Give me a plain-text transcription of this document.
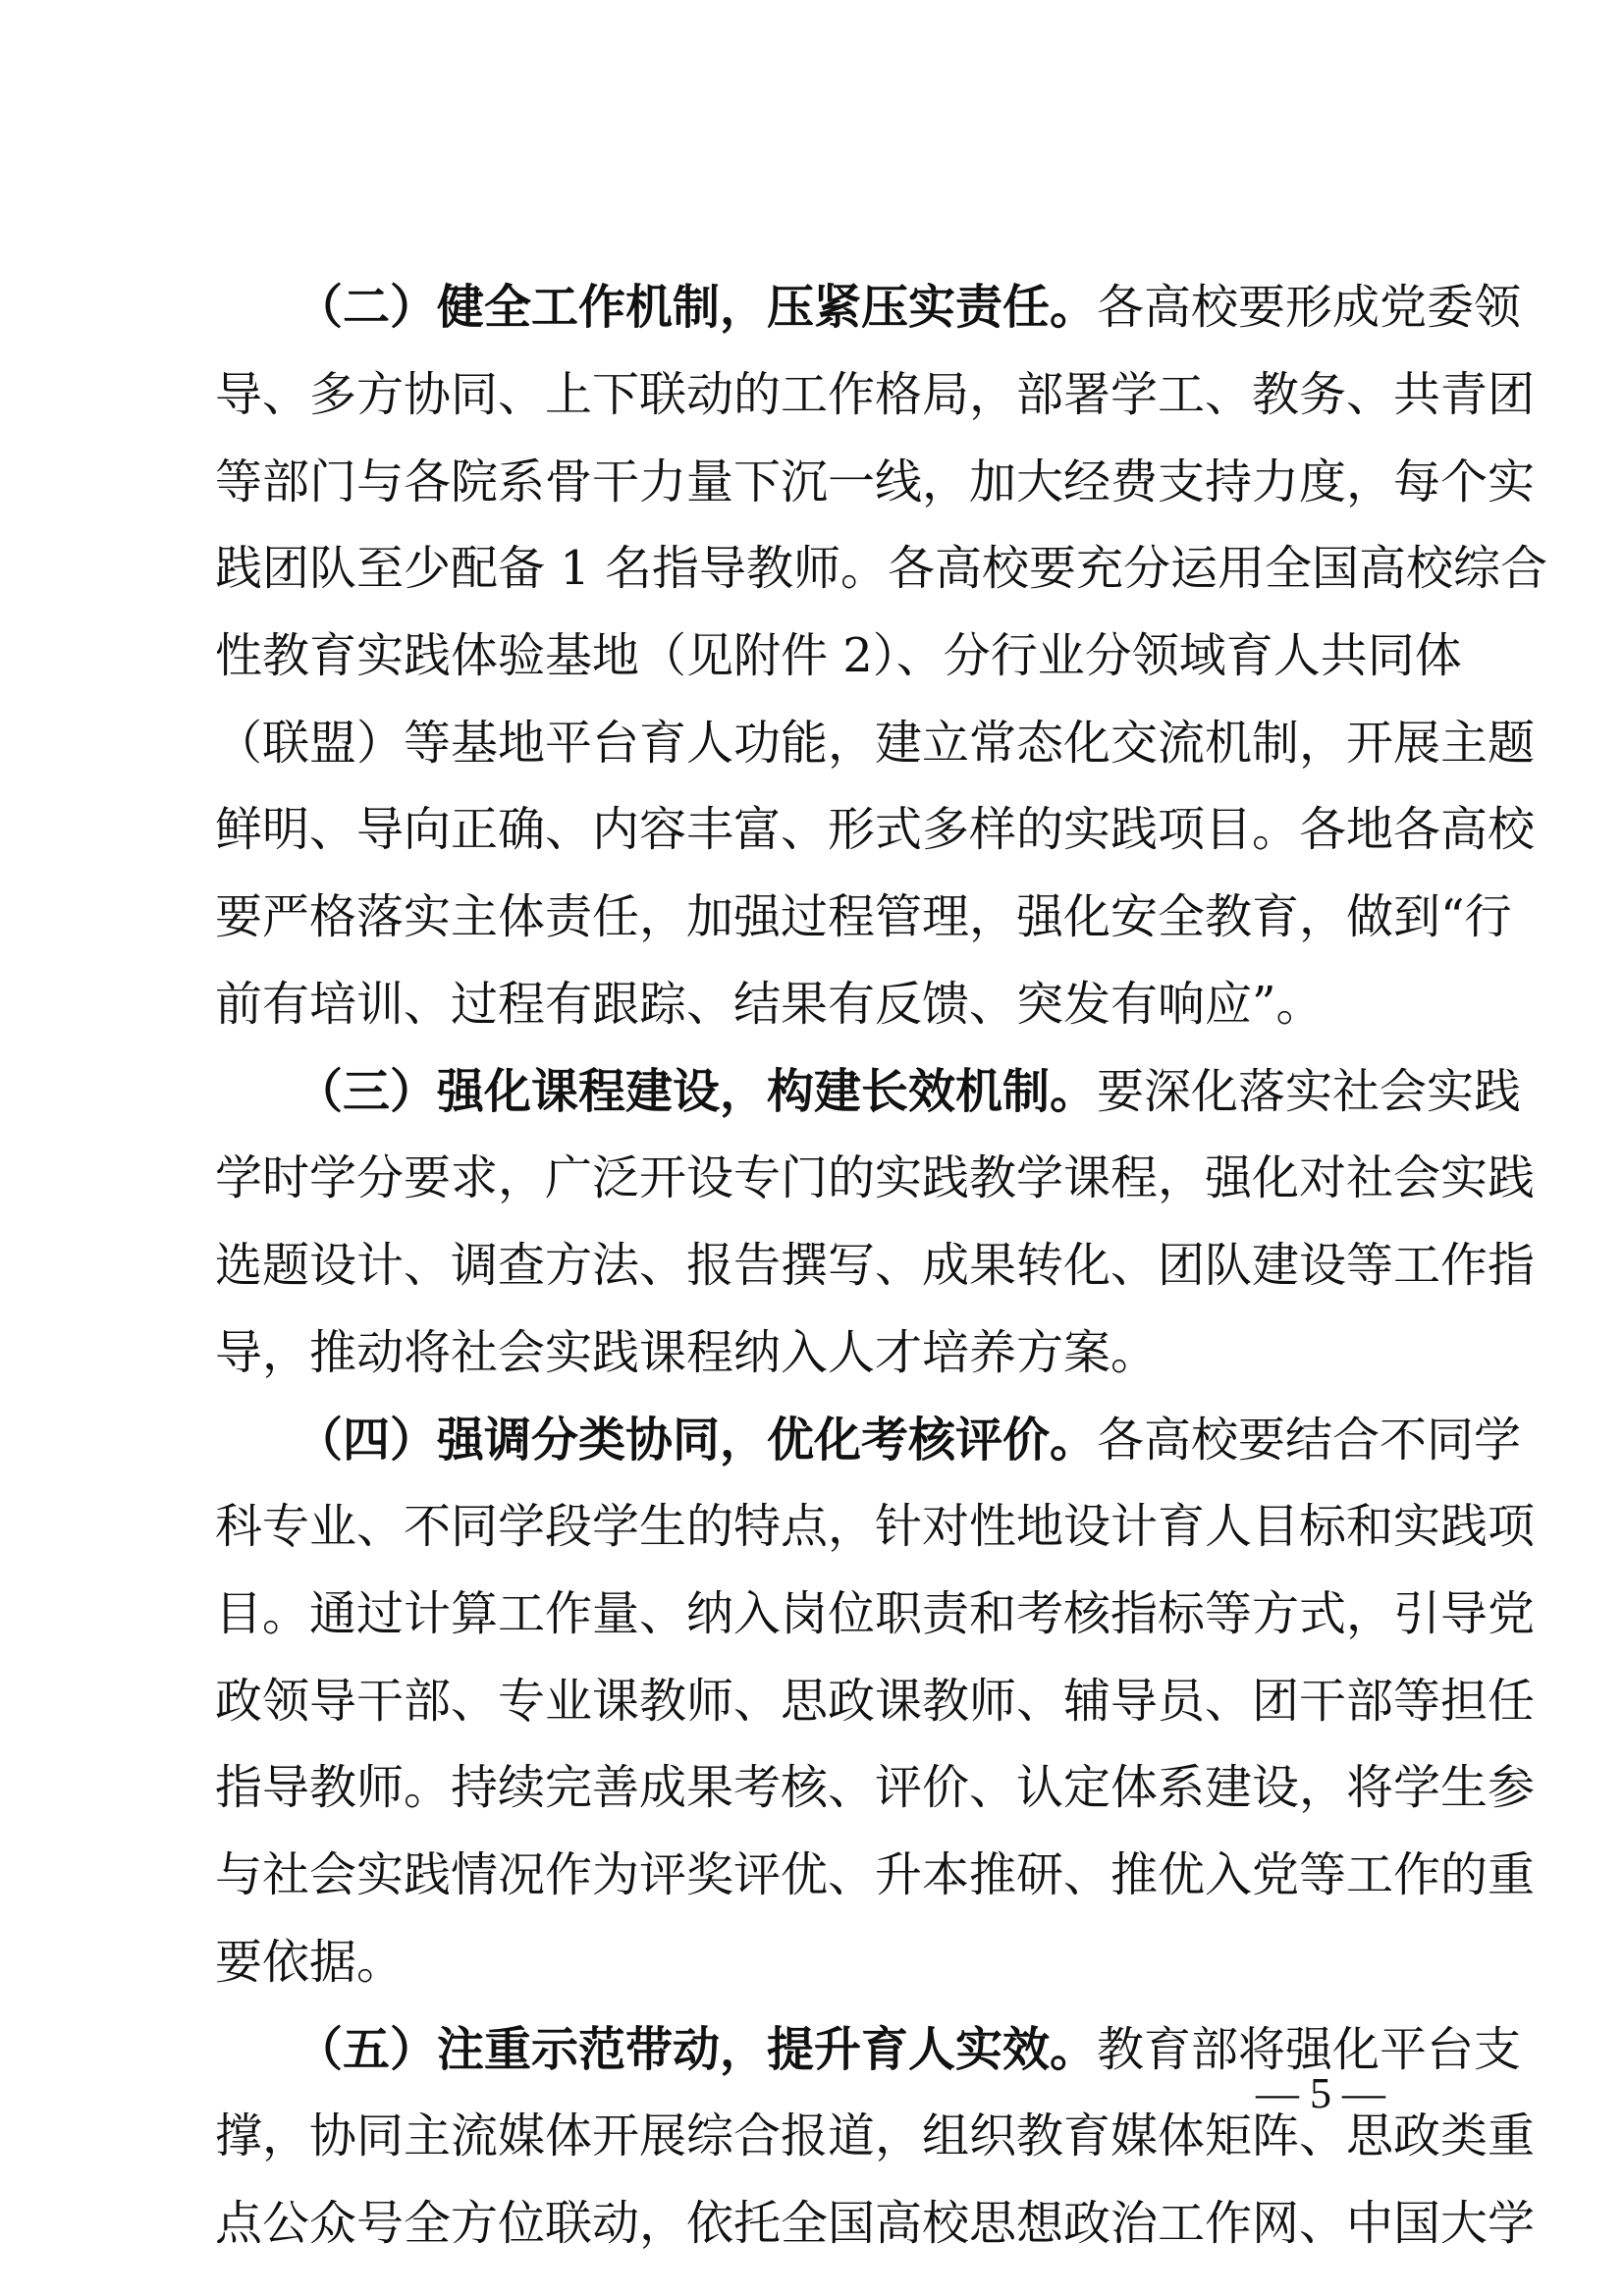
（二）健全工作机制，压紧压实责任。各高校要形成党委领
导、多方协同、上下联动的工作格局，部署学工、教务、共青团
等部门与各院系骨干力量下沉一线，加大经费支持力度，每个实
践团队至少配备 1 名指导教师。各高校要充分运用全国高校综合
性教育实践体验基地（见附件 2）、分行业分领域育人共同体
（联盟）等基地平台育人功能，建立常态化交流机制，开展主题
鲜明、导向正确、内容丰富、形式多样的实践项目。各地各高校
要严格落实主体责任，加强过程管理，强化安全教育，做到“行
前有培训、过程有跟踪、结果有反馈、突发有响应”。
（三）强化课程建设，构建长效机制。要深化落实社会实践
学时学分要求，广泛开设专门的实践教学课程，强化对社会实践
选题设计、调查方法、报告撰写、成果转化、团队建设等工作指
导，推动将社会实践课程纳入人才培养方案。
（四）强调分类协同，优化考核评价。各高校要结合不同学
科专业、不同学段学生的特点，针对性地设计育人目标和实践项
目。通过计算工作量、纳入岗位职责和考核指标等方式，引导党
政领导干部、专业课教师、思政课教师、辅导员、团干部等担任
指导教师。持续完善成果考核、评价、认定体系建设，将学生参
与社会实践情况作为评奖评优、升本推研、推优入党等工作的重
要依据。
（五）注重示范带动，提升育人实效。教育部将强化平台支
撑，协同主流媒体开展综合报道，组织教育媒体矩阵、思政类重
点公众号全方位联动，依托全国高校思想政治工作网、中国大学
— 5 —
